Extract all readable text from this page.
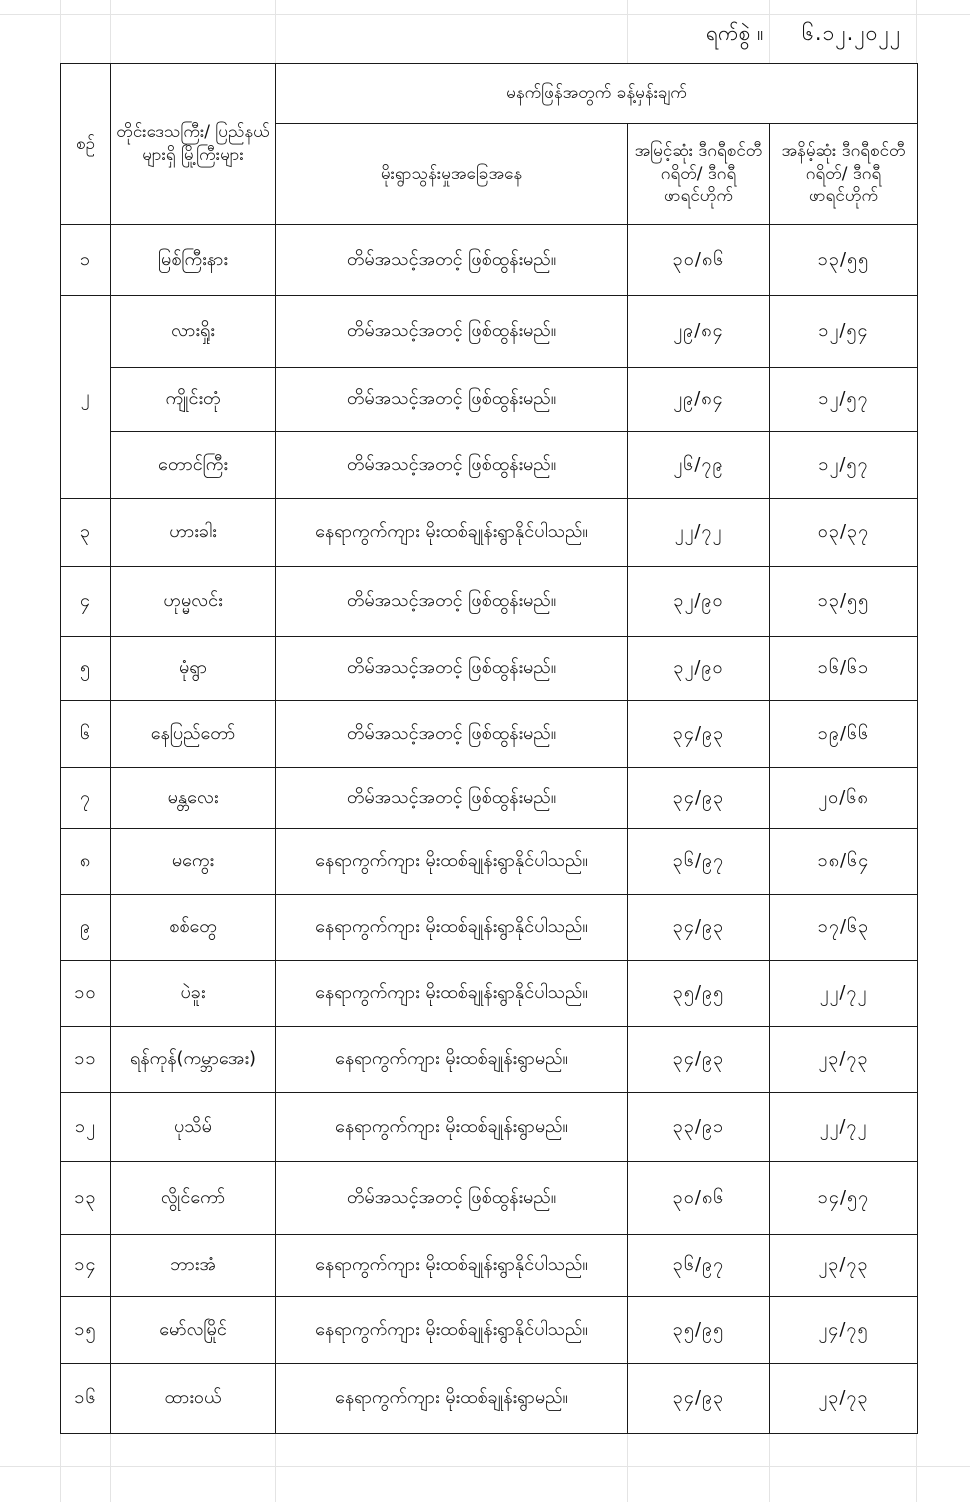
ရက်စွဲ ။ ၆.၁၂.၂၀၂၂
စဉ်	တိုင်းဒေသကြီး/ ပြည်နယ်များရှိ မြို့ကြီးများ	မနက်ဖြန်အတွက် ခန့်မှန်းချက်		
		မိုးရွာသွန်းမှုအခြေအနေ	အမြင့်ဆုံး ဒီဂရီစင်တီဂရိတ်/ ဒီဂရီဖာရင်ဟိုက်	အနိမ့်ဆုံး ဒီဂရီစင်တီဂရိတ်/ ဒီဂရီဖာရင်ဟိုက်
၁	မြစ်ကြီးနား	တိမ်အသင့်အတင့် ဖြစ်ထွန်းမည်။	၃၀/၈၆	၁၃/၅၅
၂	လားရှိုး	တိမ်အသင့်အတင့် ဖြစ်ထွန်းမည်။	၂၉/၈၄	၁၂/၅၄
	ကျိုင်းတုံ	တိမ်အသင့်အတင့် ဖြစ်ထွန်းမည်။	၂၉/၈၄	၁၂/၅၇
	တောင်ကြီး	တိမ်အသင့်အတင့် ဖြစ်ထွန်းမည်။	၂၆/၇၉	၁၂/၅၇
၃	ဟားခါး	နေရာကွက်ကျား မိုးထစ်ချုန်းရွာနိုင်ပါသည်။	၂၂/၇၂	၀၃/၃၇
၄	ဟုမ္မလင်း	တိမ်အသင့်အတင့် ဖြစ်ထွန်းမည်။	၃၂/၉၀	၁၃/၅၅
၅	မုံရွာ	တိမ်အသင့်အတင့် ဖြစ်ထွန်းမည်။	၃၂/၉၀	၁၆/၆၁
၆	နေပြည်တော်	တိမ်အသင့်အတင့် ဖြစ်ထွန်းမည်။	၃၄/၉၃	၁၉/၆၆
၇	မန္တလေး	တိမ်အသင့်အတင့် ဖြစ်ထွန်းမည်။	၃၄/၉၃	၂၀/၆၈
၈	မကွေး	နေရာကွက်ကျား မိုးထစ်ချုန်းရွာနိုင်ပါသည်။	၃၆/၉၇	၁၈/၆၄
၉	စစ်တွေ	နေရာကွက်ကျား မိုးထစ်ချုန်းရွာနိုင်ပါသည်။	၃၄/၉၃	၁၇/၆၃
၁၀	ပဲခူး	နေရာကွက်ကျား မိုးထစ်ချုန်းရွာနိုင်ပါသည်။	၃၅/၉၅	၂၂/၇၂
၁၁	ရန်ကုန်(ကမ္ဘာအေး)	နေရာကွက်ကျား မိုးထစ်ချုန်းရွာမည်။	၃၄/၉၃	၂၃/၇၃
၁၂	ပုသိမ်	နေရာကွက်ကျား မိုးထစ်ချုန်းရွာမည်။	၃၃/၉၁	၂၂/၇၂
၁၃	လွိုင်ကော်	တိမ်အသင့်အတင့် ဖြစ်ထွန်းမည်။	၃၀/၈၆	၁၄/၅၇
၁၄	ဘားအံ	နေရာကွက်ကျား မိုးထစ်ချုန်းရွာနိုင်ပါသည်။	၃၆/၉၇	၂၃/၇၃
၁၅	မော်လမြိုင်	နေရာကွက်ကျား မိုးထစ်ချုန်းရွာနိုင်ပါသည်။	၃၅/၉၅	၂၄/၇၅
၁၆	ထားဝယ်	နေရာကွက်ကျား မိုးထစ်ချုန်းရွာမည်။	၃၄/၉၃	၂၃/၇၃
